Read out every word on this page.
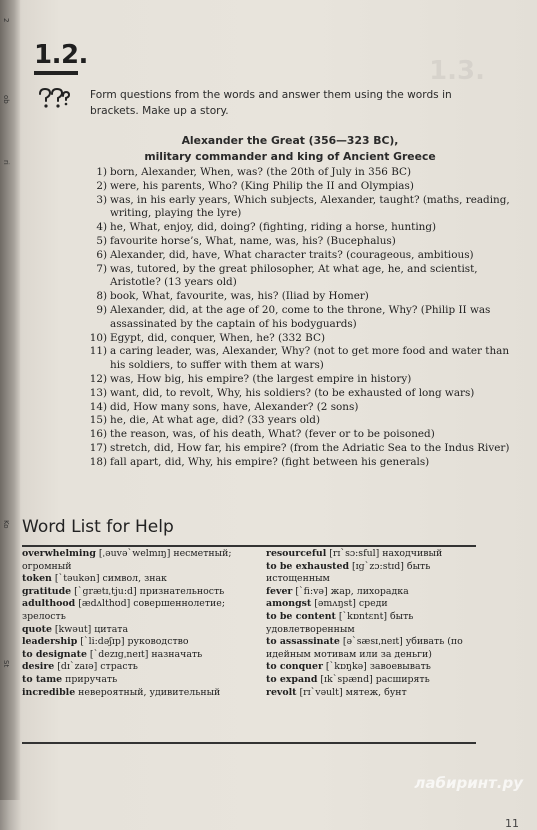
2
ob
ri
Ko
St
1.3.
1.2.
Form questions from the words and answer them using the words in brackets. Make up a story.
Alexander the Great (356—323 BC),
military commander and king of Ancient Greece
1) born, Alexander, When, was? (the 20th of July in 356 BC)
2) were, his parents, Who? (King Philip the II and Olympias)
3) was, in his early years, Which subjects, Alexander, taught? (maths, reading, writing, playing the lyre)
4) he, What, enjoy, did, doing? (fighting, riding a horse, hunting)
5) favourite horse’s, What, name, was, his? (Bucephalus)
6) Alexander, did, have, What character traits? (courageous, ambitious)
7) was, tutored, by the great philosopher, At what age, he, and scientist, Aristotle? (13 years old)
8) book, What, favourite, was, his? (Iliad by Homer)
9) Alexander, did, at the age of 20, come to the throne, Why? (Philip II was assassinated by the captain of his bodyguards)
10) Egypt, did, conquer, When, he? (332 BC)
11) a caring leader, was, Alexander, Why? (not to get more food and water than his soldiers, to suffer with them at wars)
12) was, How big, his empire? (the largest empire in history)
13) want, did, to revolt, Why, his soldiers? (to be exhausted of long wars)
14) did, How many sons, have, Alexander? (2 sons)
15) he, die, At what age, did? (33 years old)
16) the reason, was, of his death, What? (fever or to be poisoned)
17) stretch, did, How far, his empire? (from the Adriatic Sea to the Indus River)
18) fall apart, did, Why, his empire? (fight between his generals)
Word List for Help
overwhelming [ˌəuvəˋwelmɪŋ] несметный; огромный
token [ˋtəukən] символ, знак
gratitude [ˋgrætɪˌtju:d] признательность
adulthood [ædʌlthʊd] совершеннолетие; зрелость
quote [kwəut] цитата
leadership [ˋli:dəʃɪp] руководство
to designate [ˋdezɪgˌneɪt] назначать
desire [dɪˋzaɪə] страсть
to tame приручать
incredible невероятный, удивительный
resourceful [rɪˋsɔ:sful] находчивый
to be exhausted [ɪgˋzɔ:stɪd] быть истощенным
fever [ˋfi:və] жар, лихорадка
amongst [əmʌŋst] среди
to be content [ˋkɒntɛnt] быть удовлетворенным
to assassinate [əˋsæsɪˌneɪt] убивать (по идейным мотивам или за деньги)
to conquer [ˋkɒŋkə] завоевывать
to expand [ɪkˋspænd] расширять
revolt [rɪˋvəult] мятеж, бунт
лабиринт.ру
11
